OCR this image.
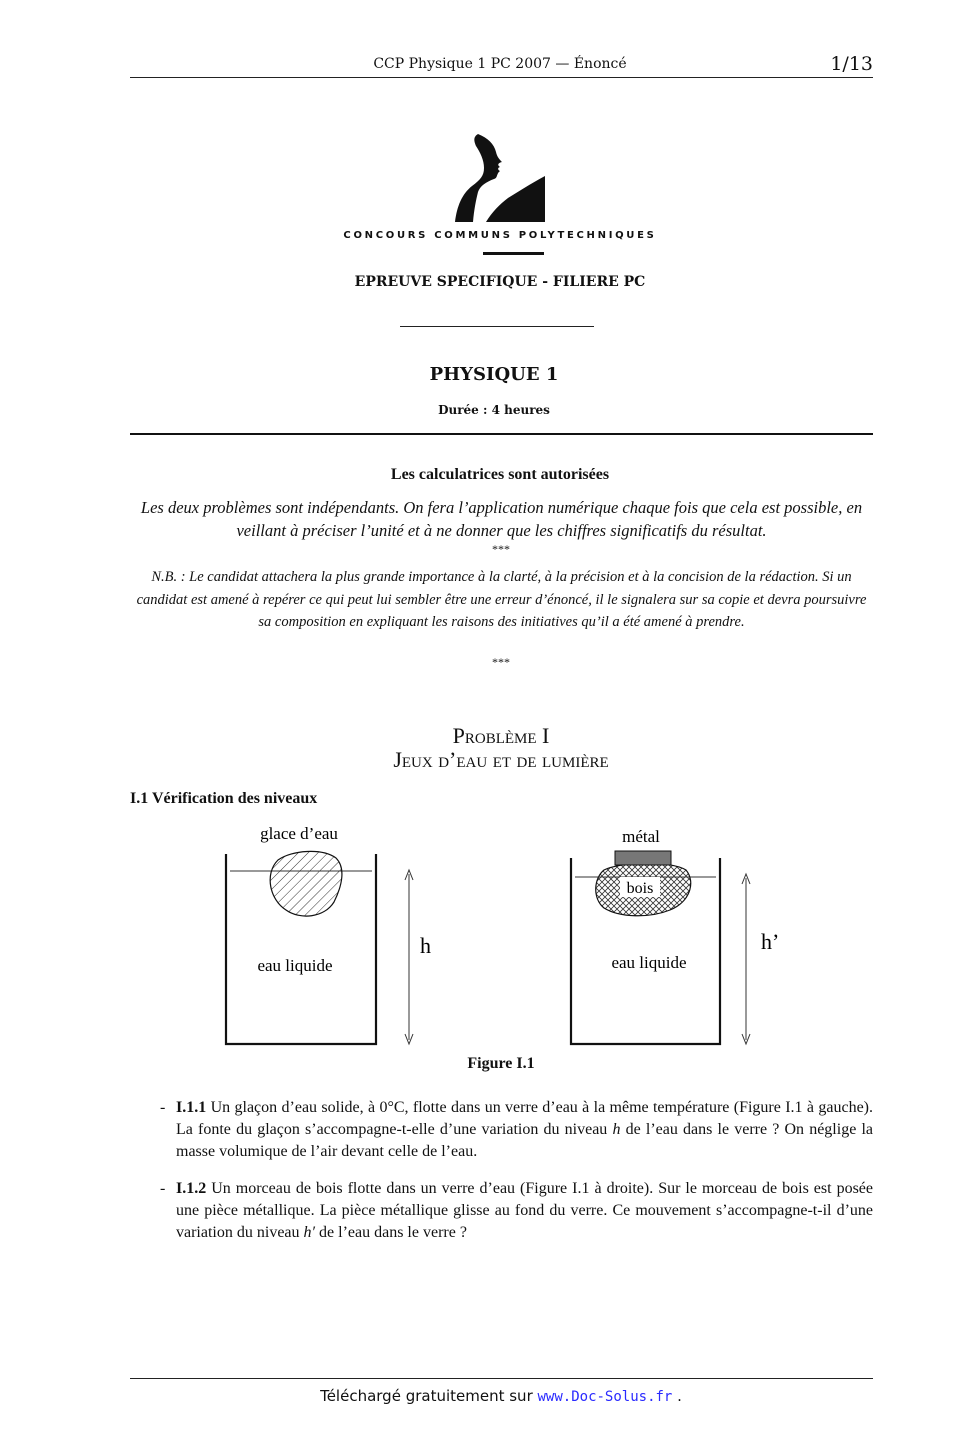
CCP Physique 1 PC 2007 — Énoncé	1/13
CONCOURS COMMUNS POLYTECHNIQUES
EPREUVE SPECIFIQUE - FILIERE PC
PHYSIQUE 1
Durée : 4 heures
Les calculatrices sont autorisées
Les deux problèmes sont indépendants. On fera l’application numérique chaque fois que cela est possible, en veillant à préciser l’unité et à ne donner que les chiffres significatifs du résultat.
***
N.B. : Le candidat attachera la plus grande importance à la clarté, à la précision et à la concision de la rédaction. Si un candidat est amené à repérer ce qui peut lui sembler être une erreur d’énoncé, il le signalera sur sa copie et devra poursuivre sa composition en expliquant les raisons des initiatives qu’il a été amené à prendre.
***
Problème I
Jeux d’eau et de lumière
I.1 Vérification des niveaux
glace d’eau
eau liquide
h
métal
bois
eau liquide
h’
Figure I.1
- I.1.1 Un glaçon d’eau solide, à 0°C, flotte dans un verre d’eau à la même température (Figure I.1 à gauche). La fonte du glaçon s’accompagne-t-elle d’une variation du niveau h de l’eau dans le verre ? On néglige la masse volumique de l’air devant celle de l’eau.
- I.1.2 Un morceau de bois flotte dans un verre d’eau (Figure I.1 à droite). Sur le morceau de bois est posée une pièce métallique. La pièce métallique glisse au fond du verre. Ce mouvement s’accompagne-t-il d’une variation du niveau h′ de l’eau dans le verre ?
Téléchargé gratuitement sur www.Doc-Solus.fr .
